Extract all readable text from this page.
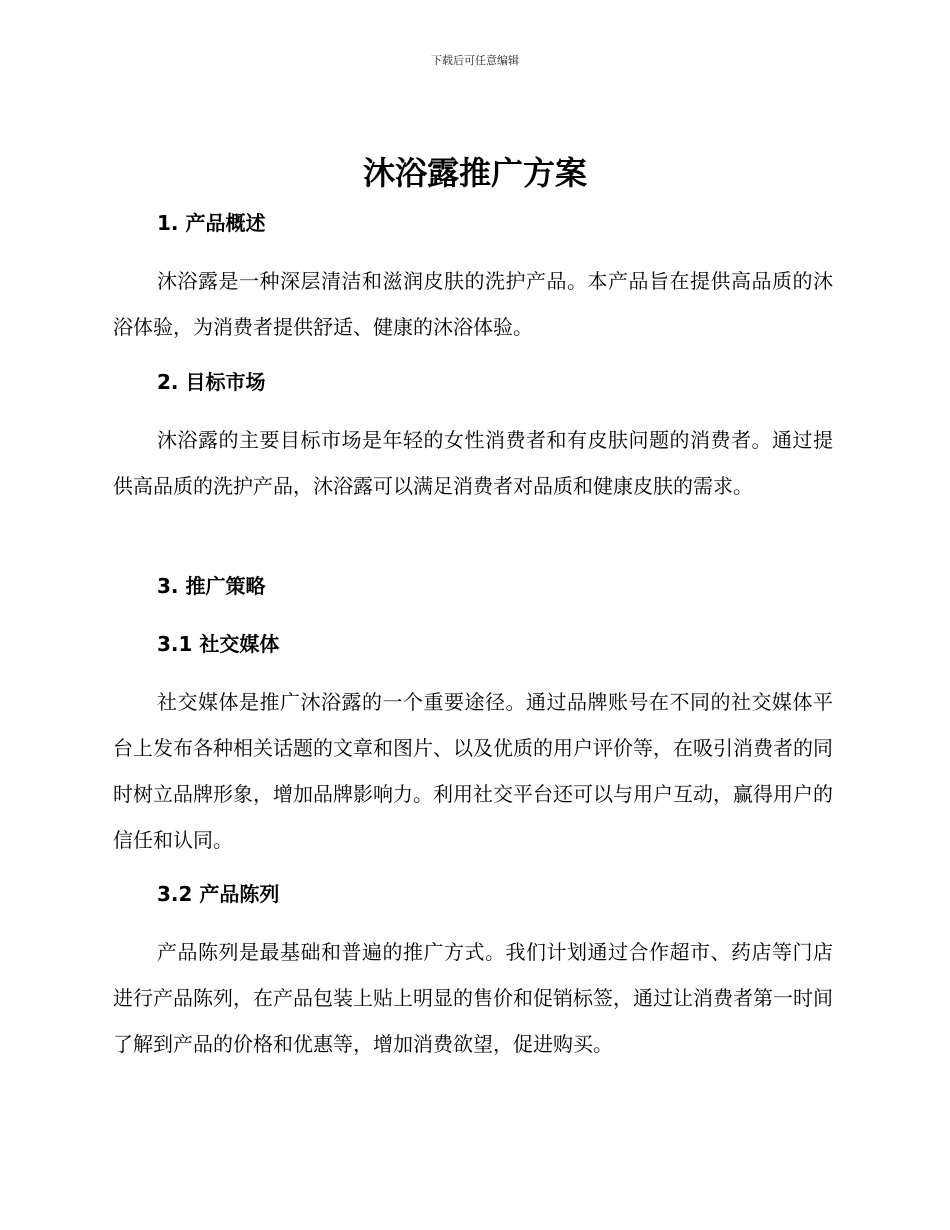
下载后可任意编辑
沐浴露推广方案
1. 产品概述

沐浴露是一种深层清洁和滋润皮肤的洗护产品。本产品旨在提供高品质的沐浴体验，为消费者提供舒适、健康的沐浴体验。

2. 目标市场

沐浴露的主要目标市场是年轻的女性消费者和有皮肤问题的消费者。通过提供高品质的洗护产品，沐浴露可以满足消费者对品质和健康皮肤的需求。

3. 推广策略
3.1 社交媒体

社交媒体是推广沐浴露的一个重要途径。通过品牌账号在不同的社交媒体平台上发布各种相关话题的文章和图片、以及优质的用户评价等，在吸引消费者的同时树立品牌形象，增加品牌影响力。利用社交平台还可以与用户互动，赢得用户的信任和认同。

3.2 产品陈列

产品陈列是最基础和普遍的推广方式。我们计划通过合作超市、药店等门店进行产品陈列，在产品包装上贴上明显的售价和促销标签，通过让消费者第一时间了解到产品的价格和优惠等，增加消费欲望，促进购买。
